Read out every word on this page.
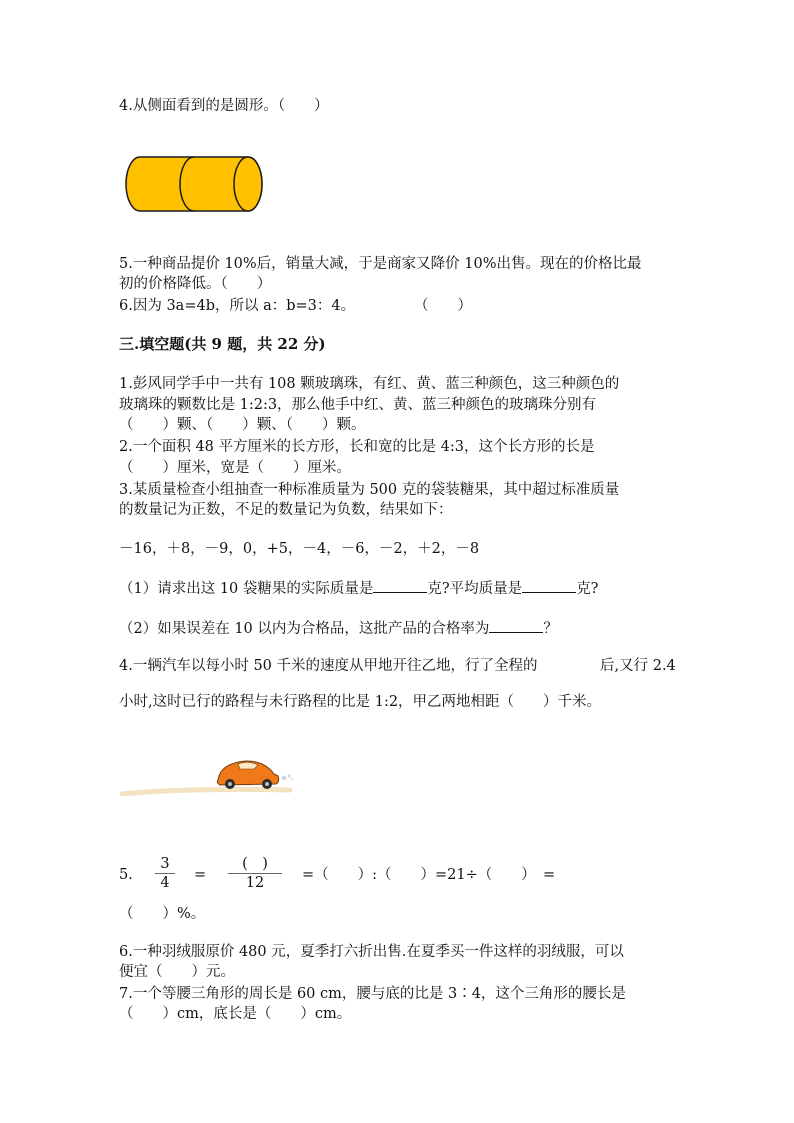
4.从侧面看到的是圆形。（　　）
5.一种商品提价 10%后，销量大减，于是商家又降价 10%出售。现在的价格比最
初的价格降低。（　　）
6.因为 3a=4b，所以 a：b=3：4。	（　　）
三.填空题(共 9 题，共 22 分)
1.彭风同学手中一共有 108 颗玻璃珠，有红、黄、蓝三种颜色，这三种颜色的
玻璃珠的颗数比是 1:2:3，那么他手中红、黄、蓝三种颜色的玻璃珠分别有
（　　）颗、（　　）颗、（　　）颗。
2.一个面积 48 平方厘米的长方形，长和宽的比是 4:3，这个长方形的长是
（　　）厘米，宽是（　　）厘米。
3.某质量检查小组抽查一种标准质量为 500 克的袋装糖果，其中超过标准质量
的数量记为正数，不足的数量记为负数，结果如下：
－16，＋8，－9，0，+5，－4，－6，－2，＋2，－8
（1）请求出这 10 袋糖果的实际质量是	克?平均质量是	克?
（2）如果误差在 10 以内为合格品，这批产品的合格率为	？
4.一辆汽车以每小时 50 千米的速度从甲地开往乙地，行了全程的	后,又行 2.4
小时,这时已行的路程与未行路程的比是 1:2，甲乙两地相距（　　）千米。
5.
3
4	=
(　)
12	=（　　）:（　　）=21÷（　　）　=
（　　）%。
6.一种羽绒服原价 480 元，夏季打六折出售.在夏季买一件这样的羽绒服，可以
便宜（　　）元。
7.一个等腰三角形的周长是 60 cm，腰与底的比是 3∶4，这个三角形的腰长是
（　　）cm，底长是（　　）cm。
